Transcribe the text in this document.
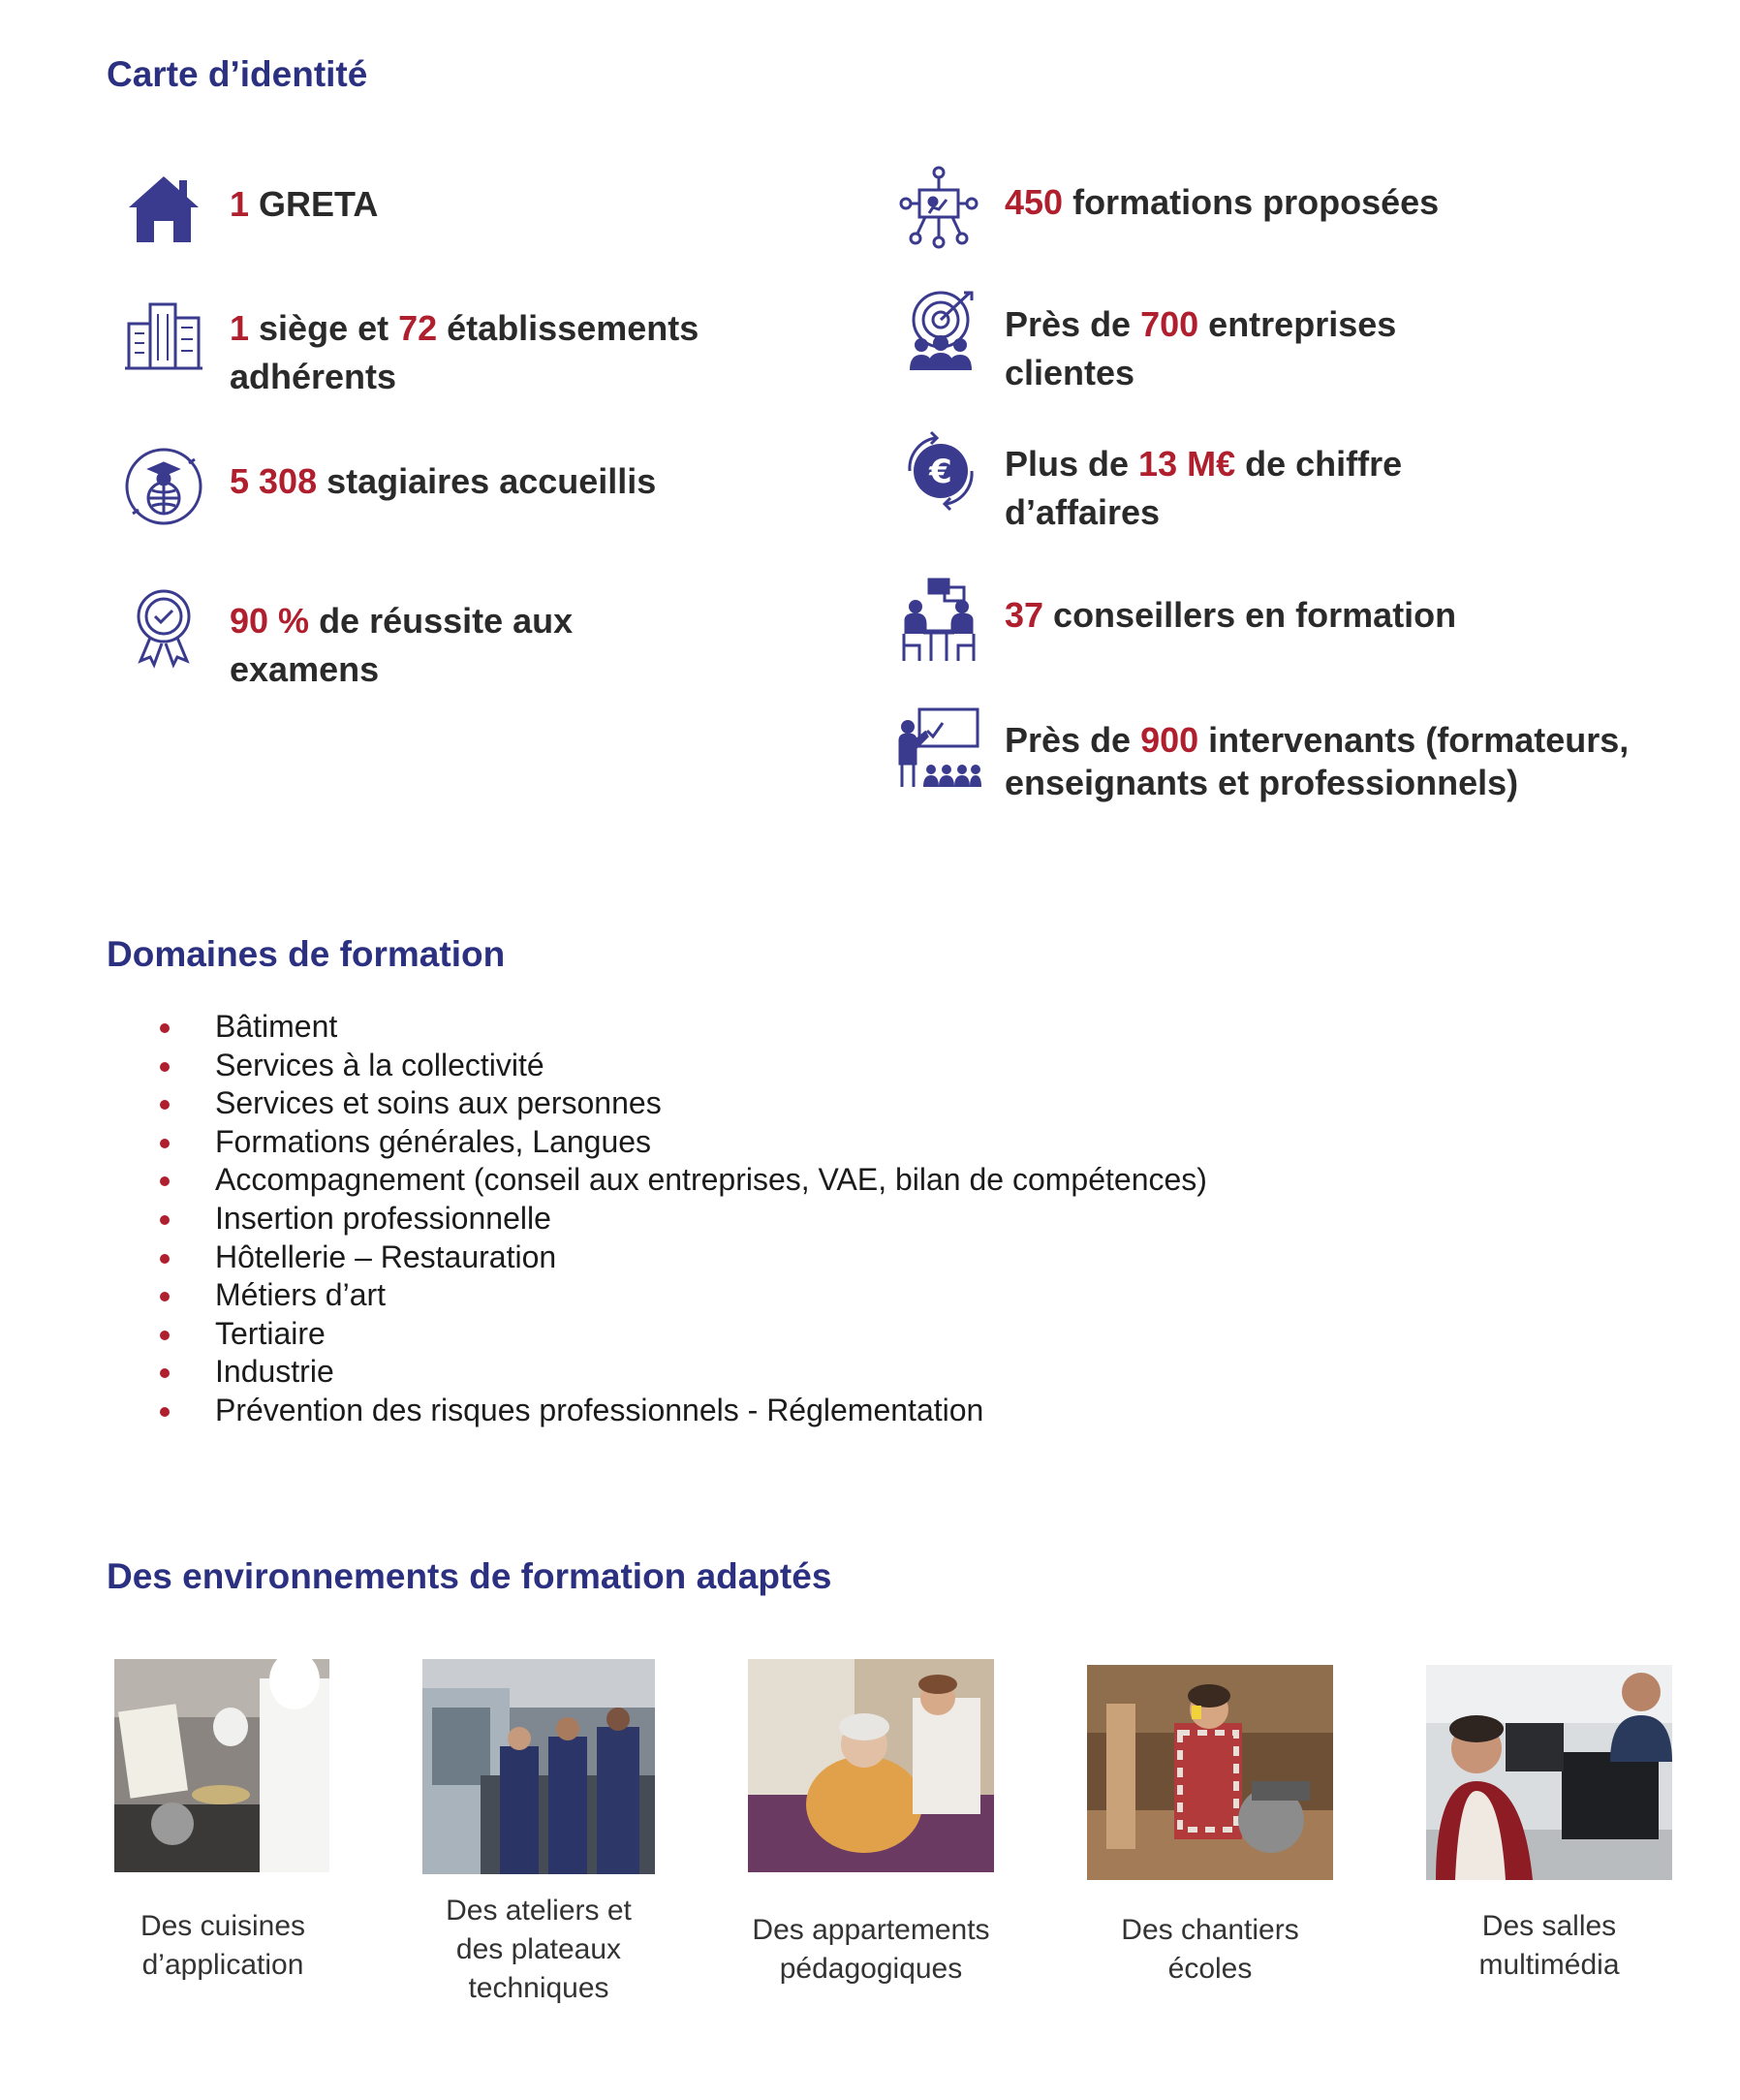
Carte d’identité
1 GRETA
1 siège et 72 établissements
adhérents
5 308 stagiaires accueillis
90 % de réussite aux
examens
450 formations proposées
Près de 700 entreprises
clientes
€ Plus de 13 M€ de chiffre
d’affaires
37 conseillers en formation
Près de 900 intervenants (formateurs,
enseignants et professionnels)
Domaines de formation
Bâtiment
Services à la collectivité
Services et soins aux personnes
Formations générales, Langues
Accompagnement (conseil aux entreprises, VAE, bilan de compétences)
Insertion professionnelle
Hôtellerie – Restauration
Métiers d’art
Tertiaire
Industrie
Prévention des risques professionnels - Réglementation
Des environnements de formation adaptés
Des cuisines
d’application
Des ateliers et
des plateaux
techniques
Des appartements
pédagogiques
Des chantiers
écoles
Des salles
multimédia
